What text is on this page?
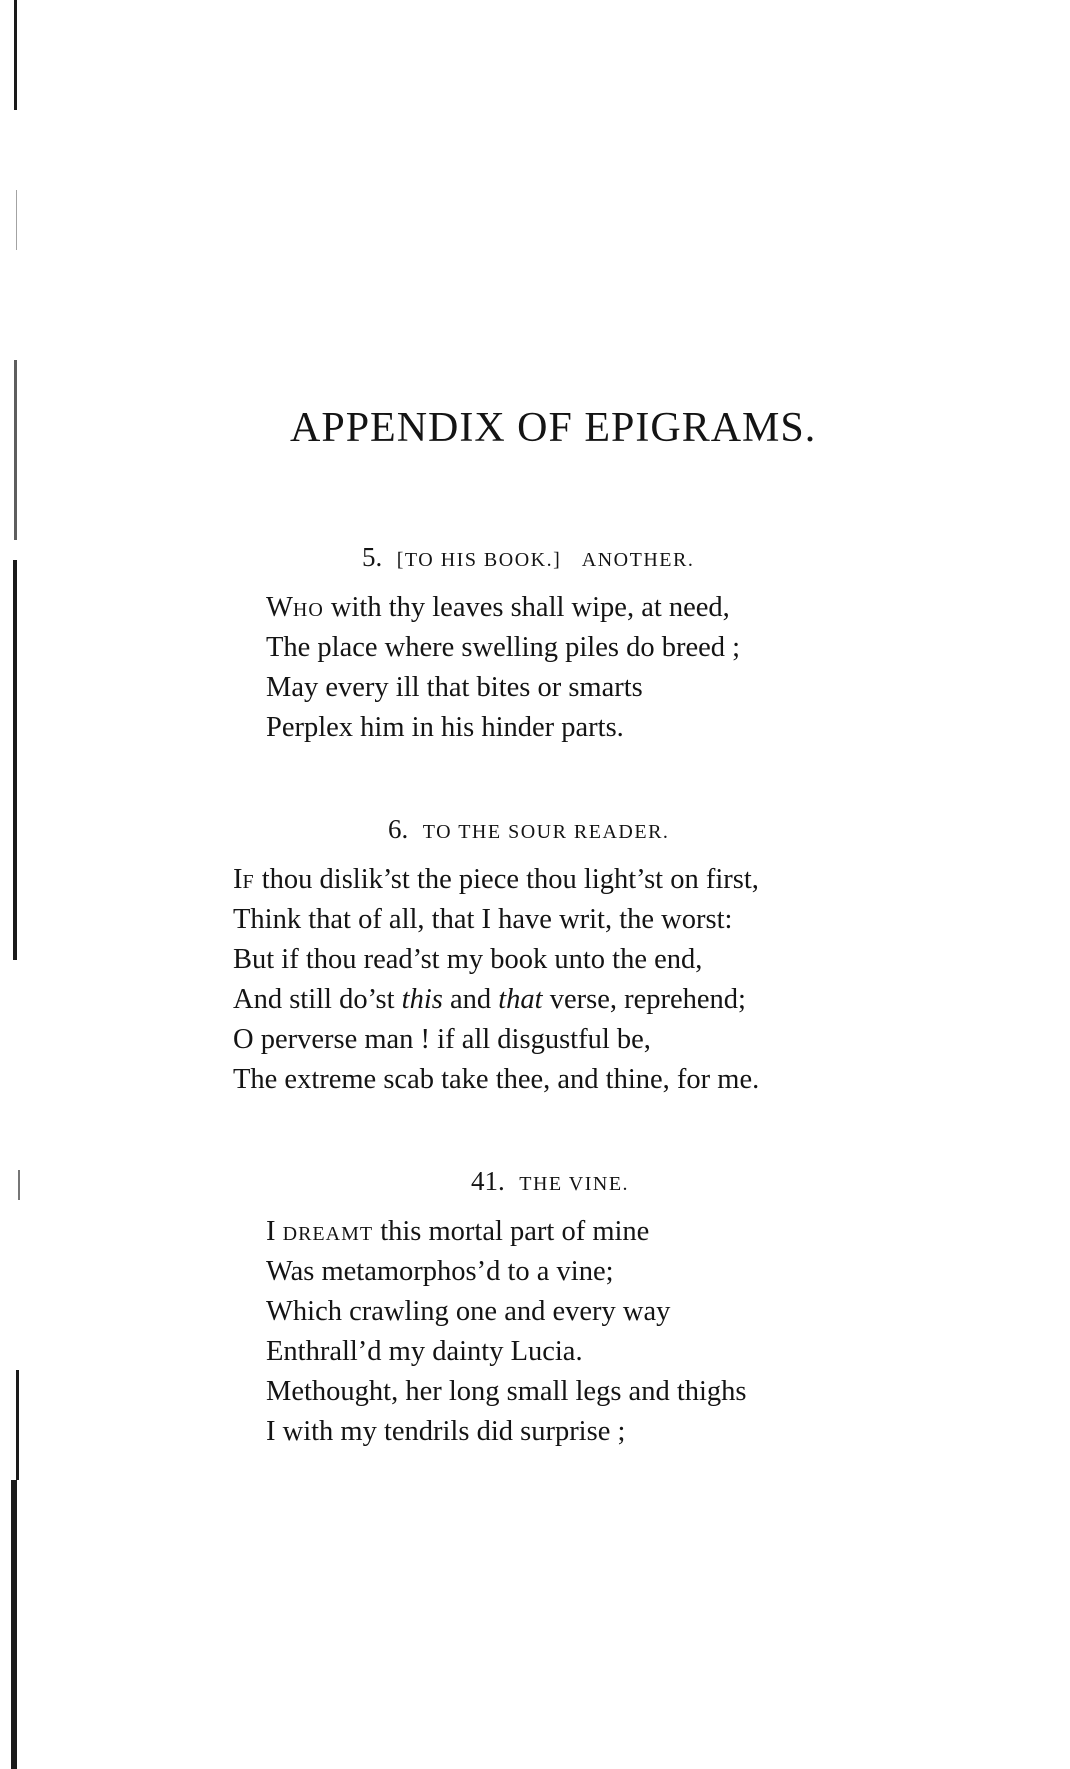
APPENDIX OF EPIGRAMS.
5. [TO HIS BOOK.] ANOTHER.
WHO with thy leaves shall wipe, at need,
The place where swelling piles do breed ;
May every ill that bites or smarts
Perplex him in his hinder parts.
6. TO THE SOUR READER.
IF thou dislik’st the piece thou light’st on first,
Think that of all, that I have writ, the worst:
But if thou read’st my book unto the end,
And still do’st this and that verse, reprehend;
O perverse man ! if all disgustful be,
The extreme scab take thee, and thine, for me.
41. THE VINE.
I DREAMT this mortal part of mine
Was metamorphos’d to a vine;
Which crawling one and every way
Enthrall’d my dainty Lucia.
Methought, her long small legs and thighs
I with my tendrils did surprise ;
